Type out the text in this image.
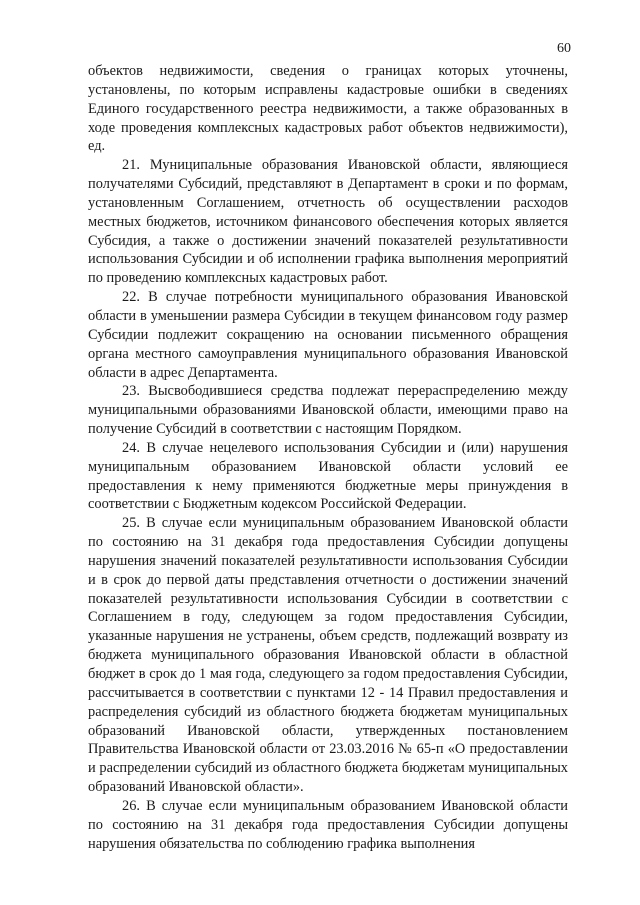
60

объектов недвижимости, сведения о границах которых уточнены, установлены, по которым исправлены кадастровые ошибки в сведениях Единого государственного реестра недвижимости, а также образованных в ходе проведения комплексных кадастровых работ объектов недвижимости), ед.

21. Муниципальные образования Ивановской области, являющиеся получателями Субсидий, представляют в Департамент в сроки и по формам, установленным Соглашением, отчетность об осуществлении расходов местных бюджетов, источником финансового обеспечения которых является Субсидия, а также о достижении значений показателей результативности использования Субсидии и об исполнении графика выполнения мероприятий по проведению комплексных кадастровых работ.

22. В случае потребности муниципального образования Ивановской области в уменьшении размера Субсидии в текущем финансовом году размер Субсидии подлежит сокращению на основании письменного обращения органа местного самоуправления муниципального образования Ивановской области в адрес Департамента.

23. Высвободившиеся средства подлежат перераспределению между муниципальными образованиями Ивановской области, имеющими право на получение Субсидий в соответствии с настоящим Порядком.

24. В случае нецелевого использования Субсидии и (или) нарушения муниципальным образованием Ивановской области условий ее предоставления к нему применяются бюджетные меры принуждения в соответствии с Бюджетным кодексом Российской Федерации.

25. В случае если муниципальным образованием Ивановской области по состоянию на 31 декабря года предоставления Субсидии допущены нарушения значений показателей результативности использования Субсидии и в срок до первой даты представления отчетности о достижении значений показателей результативности использования Субсидии в соответствии с Соглашением в году, следующем за годом предоставления Субсидии, указанные нарушения не устранены, объем средств, подлежащий возврату из бюджета муниципального образования Ивановской области в областной бюджет в срок до 1 мая года, следующего за годом предоставления Субсидии, рассчитывается в соответствии с пунктами 12 - 14 Правил предоставления и распределения субсидий из областного бюджета бюджетам муниципальных образований Ивановской области, утвержденных постановлением Правительства Ивановской области от 23.03.2016 № 65-п «О предоставлении и распределении субсидий из областного бюджета бюджетам муниципальных образований Ивановской области».

26. В случае если муниципальным образованием Ивановской области по состоянию на 31 декабря года предоставления Субсидии допущены нарушения обязательства по соблюдению графика выполнения
